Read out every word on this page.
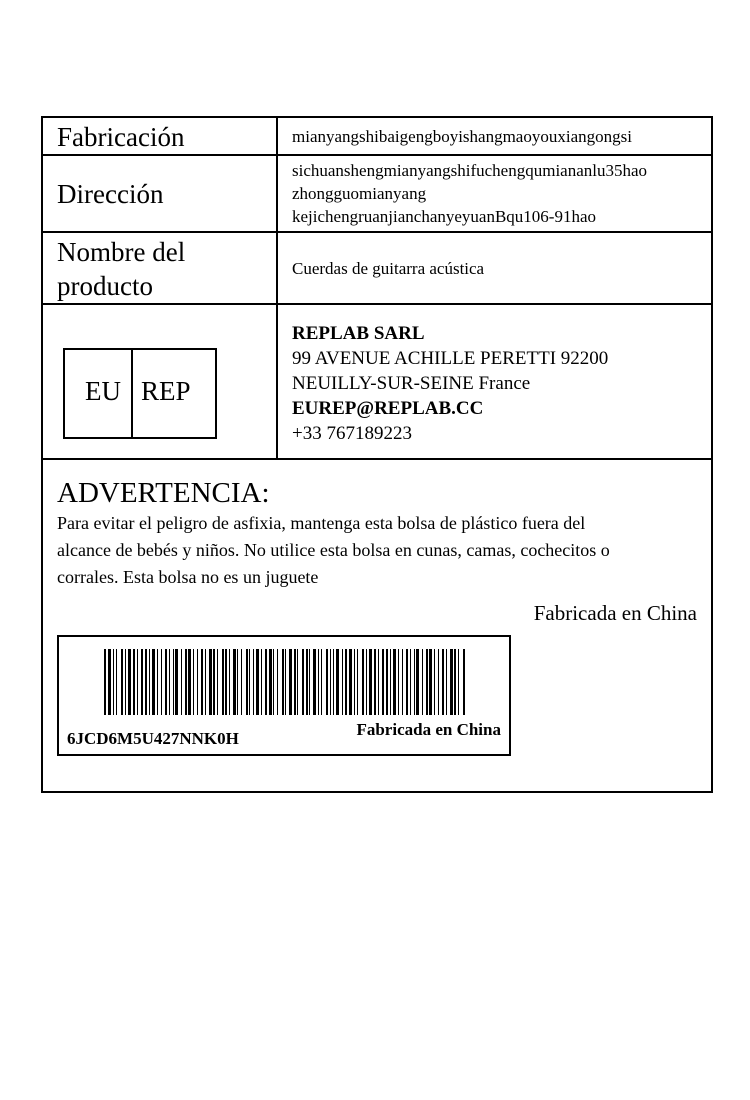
Fabricación	mianyangshibaigengboyishangmaoyouxiangongsi
Dirección
sichuanshengmianyangshifuchengqumiananlu35hao
zhongguomianyang
kejichengruanjianchanyeyuanBqu106-91hao
Nombre del
producto
Cuerdas de guitarra acústica
EU REP
REPLAB SARL
99 AVENUE ACHILLE PERETTI 92200
NEUILLY-SUR-SEINE France
EUREP@REPLAB.CC
+33 767189223
ADVERTENCIA:
Para evitar el peligro de asfixia, mantenga esta bolsa de plástico fuera del
alcance de bebés y niños. No utilice esta bolsa en cunas, camas, cochecitos o
corrales. Esta bolsa no es un juguete
Fabricada en China
6JCD6M5U427NNK0H	Fabricada en China
